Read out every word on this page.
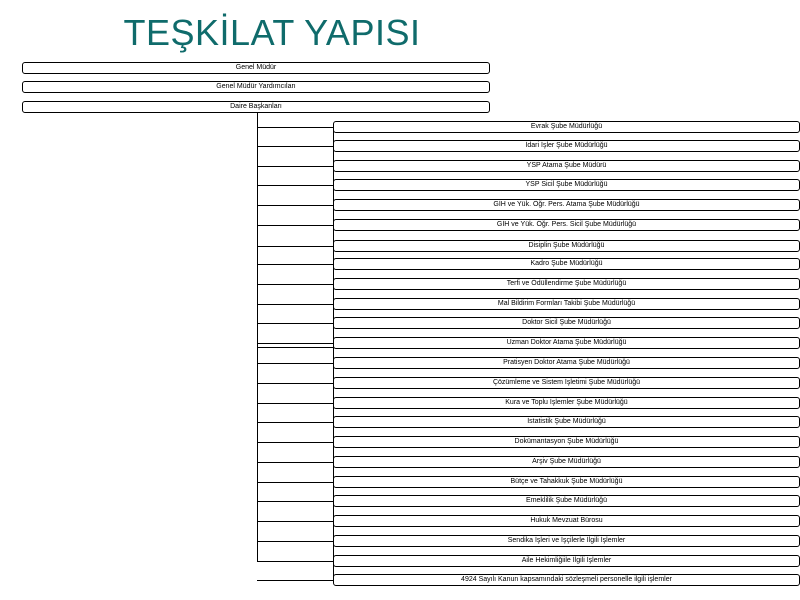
TEŞKİLAT YAPISI
Genel Müdür
Genel Müdür Yardımcıları
Daire Başkanları
Evrak Şube Müdürlüğü
İdari İşler Şube Müdürlüğü
YSP Atama Şube Müdürü
YSP Sicil Şube Müdürlüğü
GİH ve Yük. Öğr. Pers. Atama Şube Müdürlüğü
GİH ve Yük. Öğr. Pers. Sicil Şube Müdürlüğü
Disiplin Şube Müdürlüğü
Kadro Şube Müdürlüğü
Terfi ve Ödüllendirme Şube Müdürlüğü
Mal Bildirim Formları Takibi Şube Müdürlüğü
Doktor Sicil Şube Müdürlüğü
Uzman Doktor Atama Şube Müdürlüğü
Pratisyen Doktor Atama Şube Müdürlüğü
Çözümleme ve Sistem İşletimi Şube Müdürlüğü
Kura ve Toplu İşlemler Şube Müdürlüğü
İstatistik Şube Müdürlüğü
Dokümantasyon Şube Müdürlüğü
Arşiv Şube Müdürlüğü
Bütçe ve Tahakkuk Şube Müdürlüğü
Emeklilik Şube Müdürlüğü
Hukuk Mevzuat Bürosu
Sendika İşleri ve İşçilerle İlgili İşlemler
Aile Hekimliğiile İlgili İşlemler
4924 Sayılı Kanun kapsamındaki sözleşmeli personelle ilgili işlemler
